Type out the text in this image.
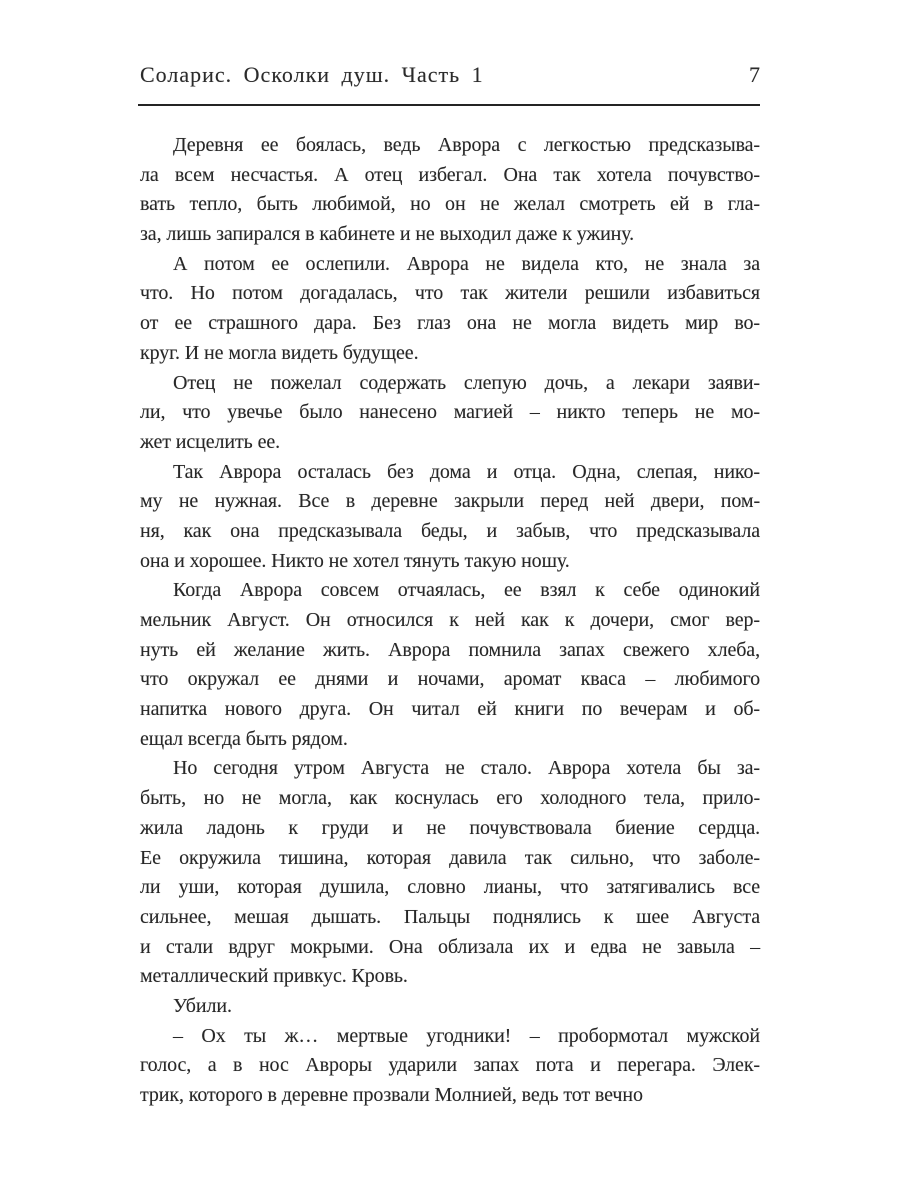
Соларис. Осколки душ. Часть 1	7
Деревня ее боялась, ведь Аврора с легкостью предсказыва-
ла всем несчастья. А отец избегал. Она так хотела почувство-
вать тепло, быть любимой, но он не желал смотреть ей в гла-
за, лишь запирался в кабинете и не выходил даже к ужину.
А потом ее ослепили. Аврора не видела кто, не знала за
что. Но потом догадалась, что так жители решили избавиться
от ее страшного дара. Без глаз она не могла видеть мир во-
круг. И не могла видеть будущее.
Отец не пожелал содержать слепую дочь, а лекари заяви-
ли, что увечье было нанесено магией – никто теперь не мо-
жет исцелить ее.
Так Аврора осталась без дома и отца. Одна, слепая, нико-
му не нужная. Все в деревне закрыли перед ней двери, пом-
ня, как она предсказывала беды, и забыв, что предсказывала
она и хорошее. Никто не хотел тянуть такую ношу.
Когда Аврора совсем отчаялась, ее взял к себе одинокий
мельник Август. Он относился к ней как к дочери, смог вер-
нуть ей желание жить. Аврора помнила запах свежего хлеба,
что окружал ее днями и ночами, аромат кваса – любимого
напитка нового друга. Он читал ей книги по вечерам и об-
ещал всегда быть рядом.
Но сегодня утром Августа не стало. Аврора хотела бы за-
быть, но не могла, как коснулась его холодного тела, прило-
жила ладонь к груди и не почувствовала биение сердца.
Ее окружила тишина, которая давила так сильно, что заболе-
ли уши, которая душила, словно лианы, что затягивались все
сильнее, мешая дышать. Пальцы поднялись к шее Августа
и стали вдруг мокрыми. Она облизала их и едва не завыла –
металлический привкус. Кровь.
Убили.
– Ох ты ж… мертвые угодники! – пробормотал мужской
голос, а в нос Авроры ударили запах пота и перегара. Элек-
трик, которого в деревне прозвали Молнией, ведь тот вечно
